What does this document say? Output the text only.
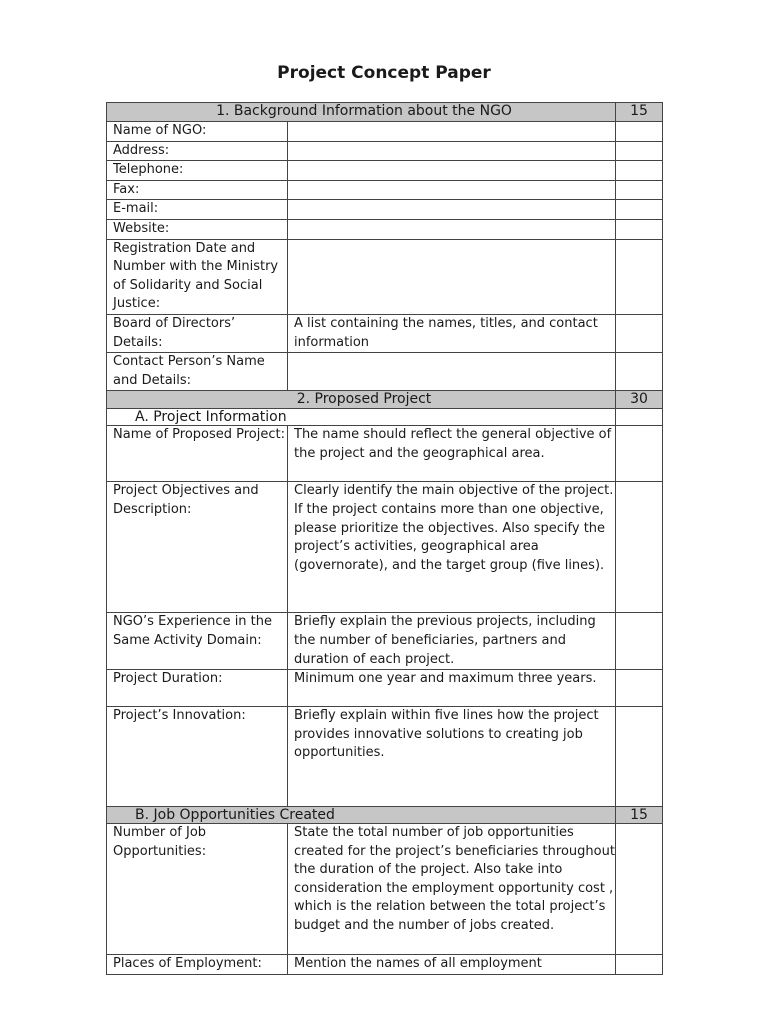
Project Concept Paper
1. Background Information about the NGO		15
Name of NGO:		
Address:		
Telephone:		
Fax:		
E-mail:		
Website:		
Registration Date and Number with the Ministry of Solidarity and Social Justice:		
Board of Directors’ Details:	A list containing the names, titles, and contact information	
Contact Person’s Name and Details:		
2. Proposed Project		30
A. Project Information		
Name of Proposed Project:	The name should reflect the general objective of the project and the geographical area.	
Project Objectives and Description:	Clearly identify the main objective of the project. If the project contains more than one objective, please prioritize the objectives. Also specify the project’s activities, geographical area (governorate), and the target group (five lines).	
NGO’s Experience in the Same Activity Domain:	Briefly explain the previous projects, including the number of beneficiaries, partners and duration of each project.	
Project Duration:	Minimum one year and maximum three years.	
Project’s Innovation:	Briefly explain within five lines how the project provides innovative solutions to creating job opportunities.	
B. Job Opportunities Created		15
Number of Job Opportunities:	State the total number of job opportunities created for the project’s beneficiaries throughout the duration of the project. Also take into consideration the employment opportunity cost , which is the relation between the total project’s budget and the number of jobs created.	
Places of Employment:	Mention the names of all employment	
